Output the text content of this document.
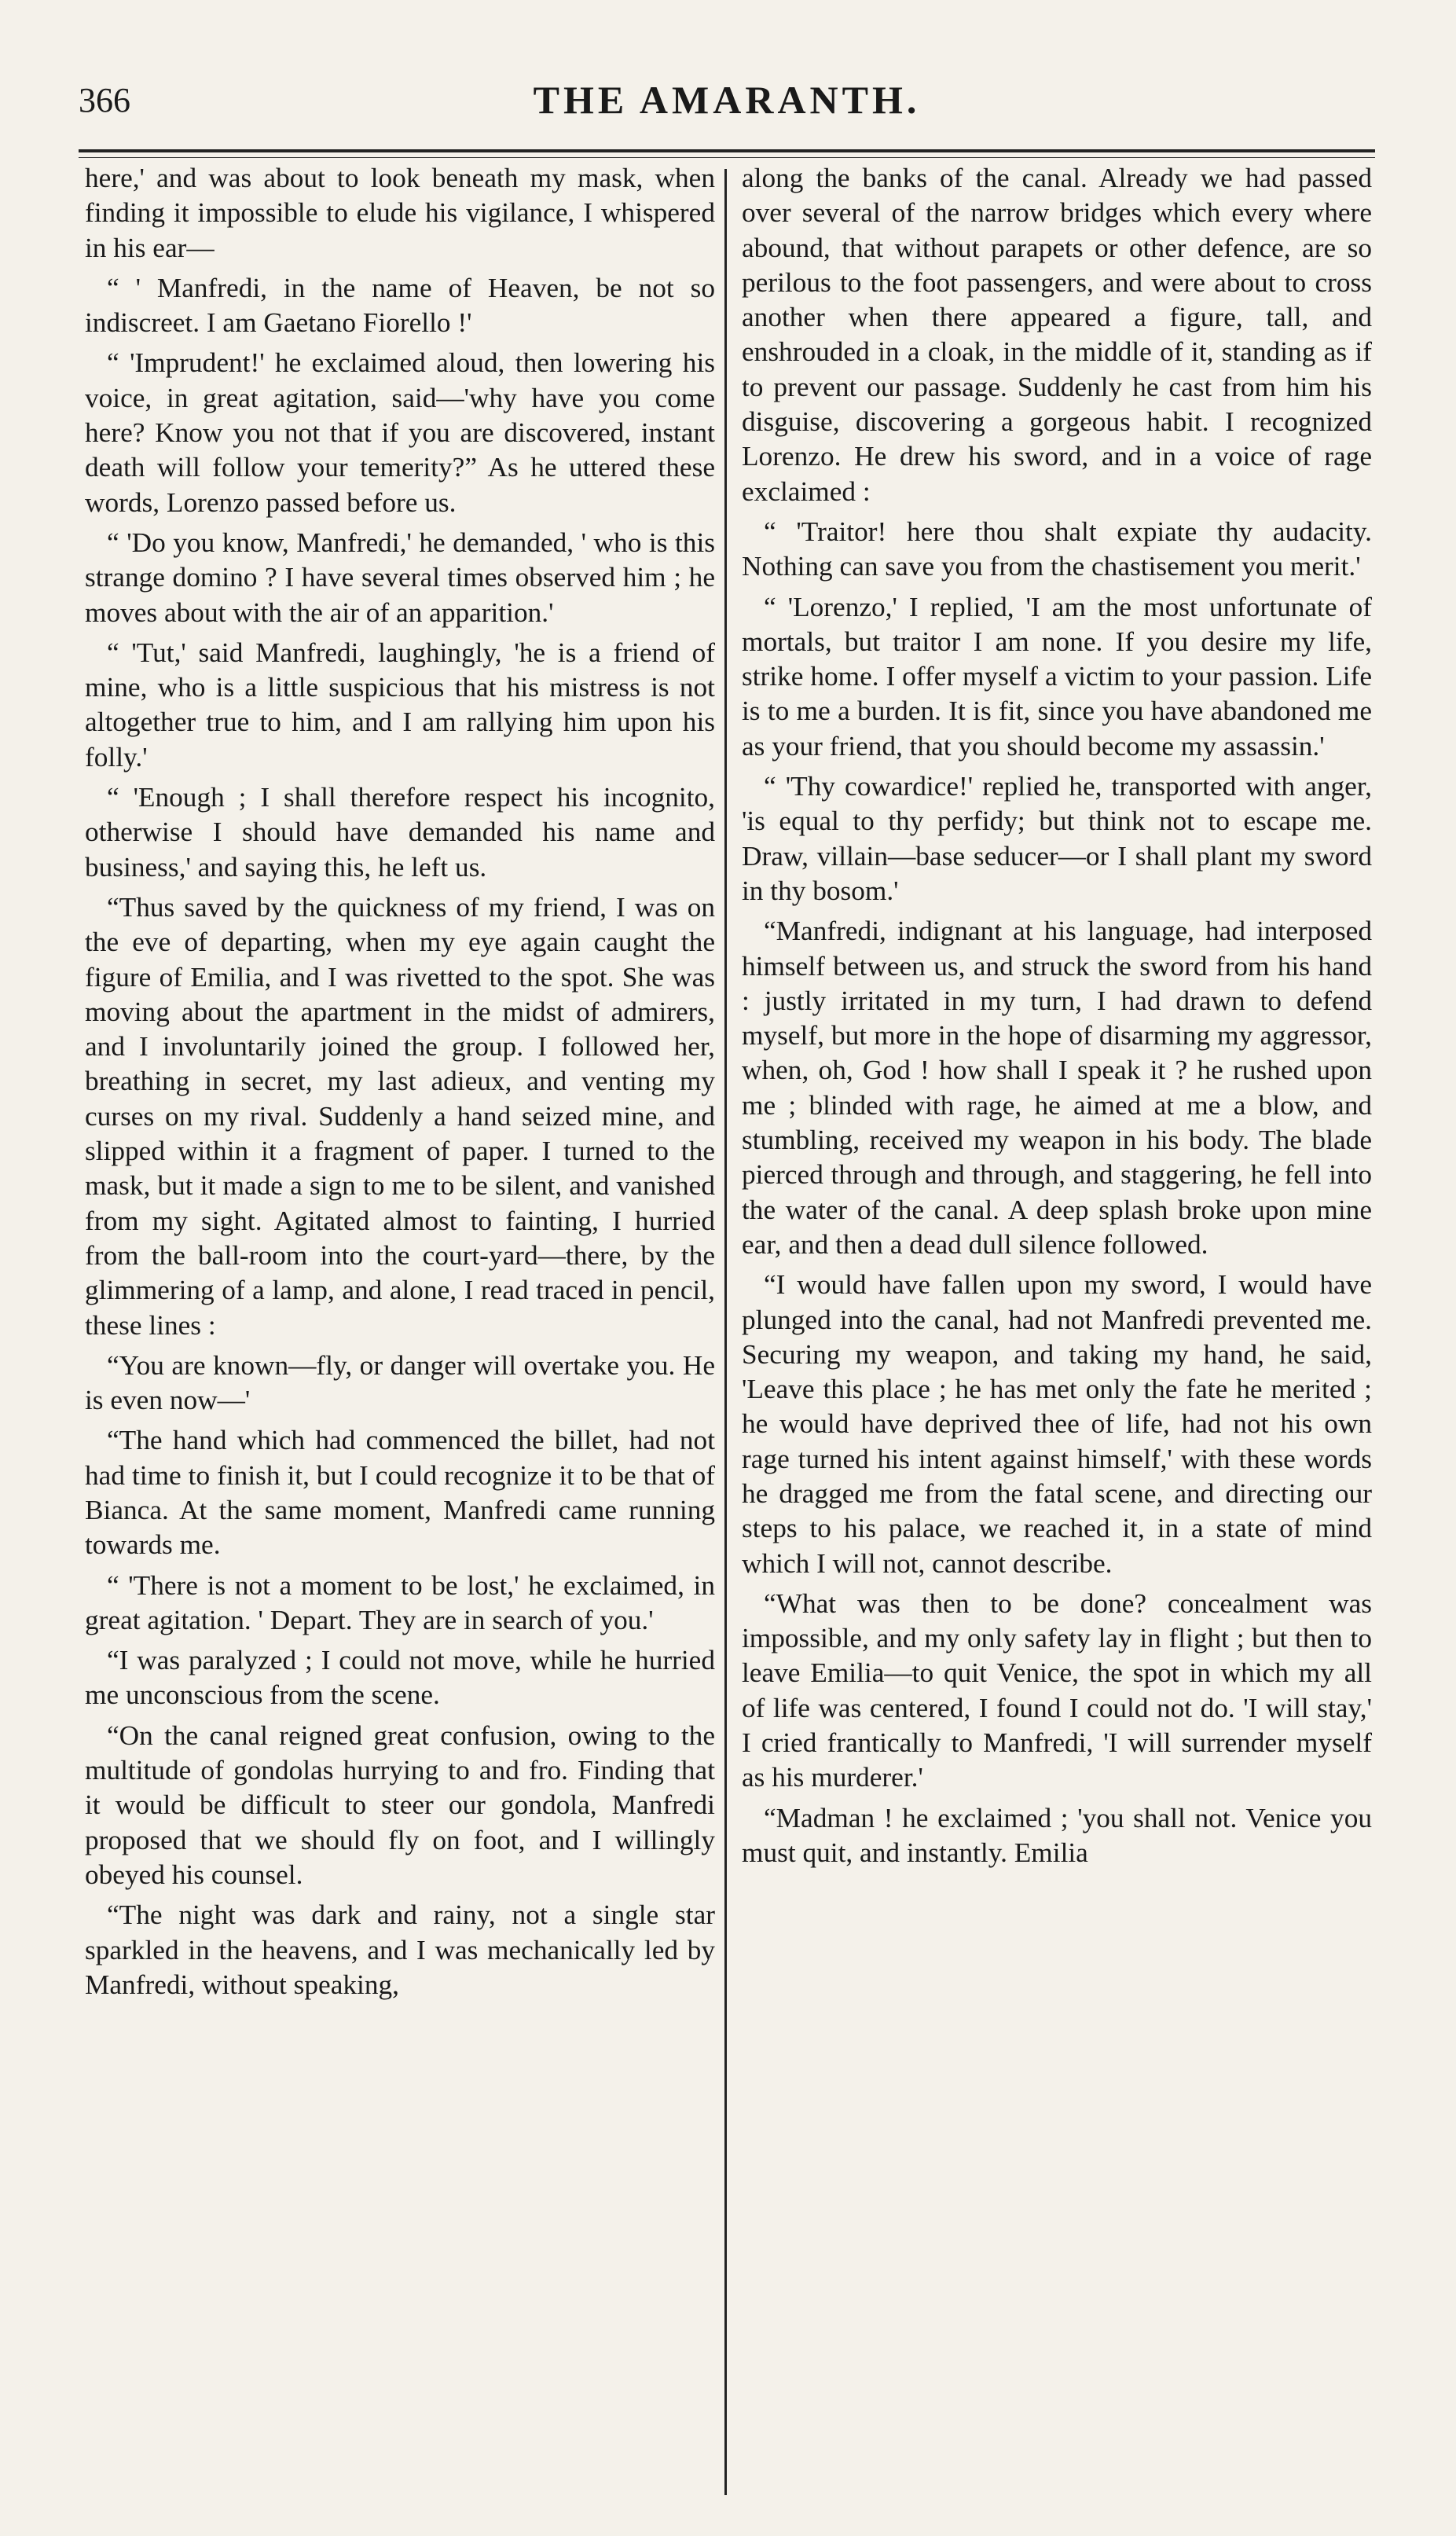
366	THE AMARANTH.

here,' and was about to look beneath my mask, when finding it impossible to elude his vigilance, I whispered in his ear—

“ ' Manfredi, in the name of Heaven, be not so indiscreet. I am Gaetano Fiorello !'

“ 'Imprudent!' he exclaimed aloud, then lowering his voice, in great agitation, said—'why have you come here? Know you not that if you are discovered, instant death will follow your temerity?” As he uttered these words, Lorenzo passed before us.

“ 'Do you know, Manfredi,' he demanded, ' who is this strange domino ? I have several times observed him ; he moves about with the air of an apparition.'

“ 'Tut,' said Manfredi, laughingly, 'he is a friend of mine, who is a little suspicious that his mistress is not altogether true to him, and I am rallying him upon his folly.'

“ 'Enough ; I shall therefore respect his incognito, otherwise I should have demanded his name and business,' and saying this, he left us.

“Thus saved by the quickness of my friend, I was on the eve of departing, when my eye again caught the figure of Emilia, and I was rivetted to the spot. She was moving about the apartment in the midst of admirers, and I involuntarily joined the group. I followed her, breathing in secret, my last adieux, and venting my curses on my rival. Suddenly a hand seized mine, and slipped within it a fragment of paper. I turned to the mask, but it made a sign to me to be silent, and vanished from my sight. Agitated almost to fainting, I hurried from the ball-room into the court-yard—there, by the glimmering of a lamp, and alone, I read traced in pencil, these lines :

“You are known—fly, or danger will overtake you. He is even now—'

“The hand which had commenced the billet, had not had time to finish it, but I could recognize it to be that of Bianca. At the same moment, Manfredi came running towards me.

“ 'There is not a moment to be lost,' he exclaimed, in great agitation. ' Depart. They are in search of you.'

“I was paralyzed ; I could not move, while he hurried me unconscious from the scene.

“On the canal reigned great confusion, owing to the multitude of gondolas hurrying to and fro. Finding that it would be difficult to steer our gondola, Manfredi proposed that we should fly on foot, and I willingly obeyed his counsel.

“The night was dark and rainy, not a single star sparkled in the heavens, and I was mechanically led by Manfredi, without speaking,

along the banks of the canal. Already we had passed over several of the narrow bridges which every where abound, that without parapets or other defence, are so perilous to the foot passengers, and were about to cross another when there appeared a figure, tall, and enshrouded in a cloak, in the middle of it, standing as if to prevent our passage. Suddenly he cast from him his disguise, discovering a gorgeous habit. I recognized Lorenzo. He drew his sword, and in a voice of rage exclaimed :

“ 'Traitor! here thou shalt expiate thy audacity. Nothing can save you from the chastisement you merit.'

“ 'Lorenzo,' I replied, 'I am the most unfortunate of mortals, but traitor I am none. If you desire my life, strike home. I offer myself a victim to your passion. Life is to me a burden. It is fit, since you have abandoned me as your friend, that you should become my assassin.'

“ 'Thy cowardice!' replied he, transported with anger, 'is equal to thy perfidy; but think not to escape me. Draw, villain—base seducer—or I shall plant my sword in thy bosom.'

“Manfredi, indignant at his language, had interposed himself between us, and struck the sword from his hand : justly irritated in my turn, I had drawn to defend myself, but more in the hope of disarming my aggressor, when, oh, God ! how shall I speak it ? he rushed upon me ; blinded with rage, he aimed at me a blow, and stumbling, received my weapon in his body. The blade pierced through and through, and staggering, he fell into the water of the canal. A deep splash broke upon mine ear, and then a dead dull silence followed.

“I would have fallen upon my sword, I would have plunged into the canal, had not Manfredi prevented me. Securing my weapon, and taking my hand, he said, 'Leave this place ; he has met only the fate he merited ; he would have deprived thee of life, had not his own rage turned his intent against himself,' with these words he dragged me from the fatal scene, and directing our steps to his palace, we reached it, in a state of mind which I will not, cannot describe.

“What was then to be done? concealment was impossible, and my only safety lay in flight ; but then to leave Emilia—to quit Venice, the spot in which my all of life was centered, I found I could not do. 'I will stay,' I cried frantically to Manfredi, 'I will surrender myself as his murderer.'

“Madman ! he exclaimed ; 'you shall not. Venice you must quit, and instantly. Emilia
